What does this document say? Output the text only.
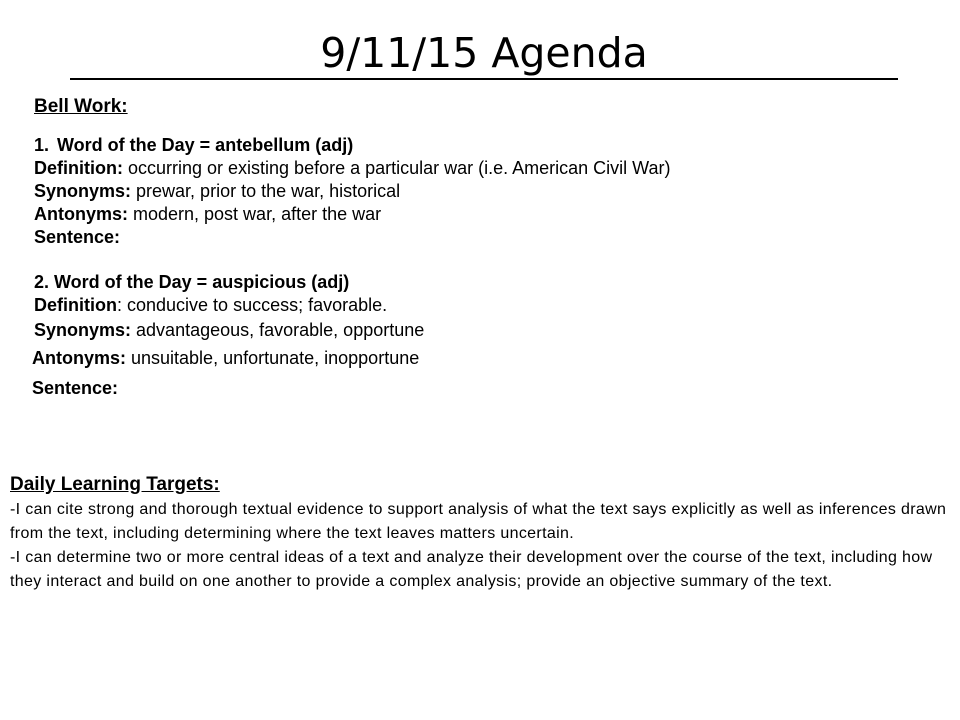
9/11/15 Agenda
Bell Work:
1. Word of the Day = antebellum (adj)
Definition: occurring or existing before a particular war (i.e. American Civil War)
Synonyms: prewar, prior to the war, historical
Antonyms: modern, post war, after the war
Sentence:
2. Word of the Day = auspicious (adj)
Definition: conducive to success; favorable.
Synonyms: advantageous, favorable, opportune
Antonyms: unsuitable, unfortunate, inopportune
Sentence:
Daily Learning Targets:
-I can cite strong and thorough textual evidence to support analysis of what the text says explicitly as well as inferences drawn from the text, including determining where the text leaves matters uncertain.
-I can determine two or more central ideas of a text and analyze their development over the course of the text, including how they interact and build on one another to provide a complex analysis; provide an objective summary of the text.
